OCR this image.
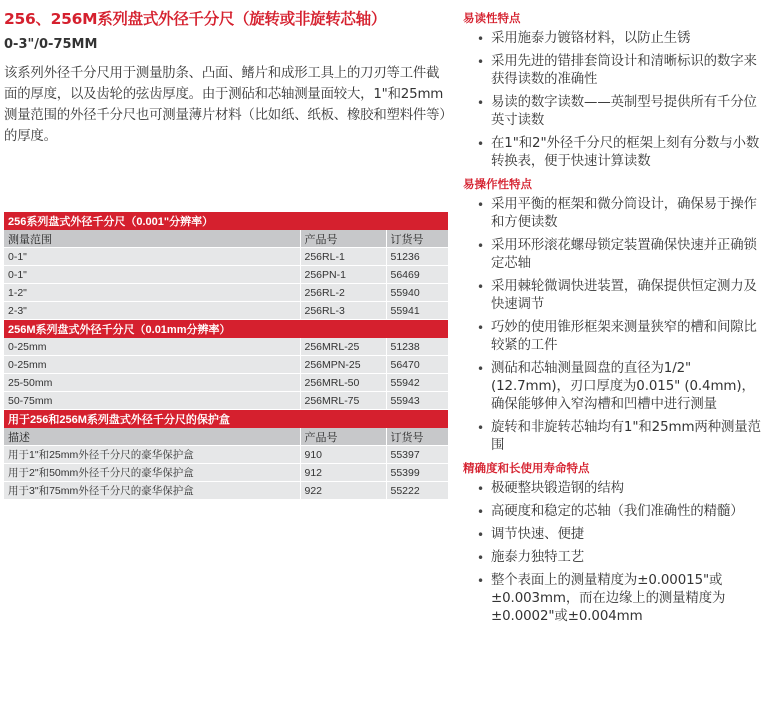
256、256M系列盘式外径千分尺（旋转或非旋转芯轴）
0-3"/0-75MM
该系列外径千分尺用于测量肋条、凸面、鳍片和成形工具上的刀刃等工件截面的厚度，以及齿轮的弦齿厚度。由于测砧和芯轴测量面较大，1"和25mm测量范围的外径千分尺也可测量薄片材料（比如纸、纸板、橡胶和塑料件等）的厚度。
256系列盘式外径千分尺（0.001"分辨率）		
测量范围	产品号	订货号
0-1"	256RL-1	51236
0-1"	256PN-1	56469
1-2"	256RL-2	55940
2-3"	256RL-3	55941
256M系列盘式外径千分尺（0.01mm分辨率）		
0-25mm	256MRL-25	51238
0-25mm	256MPN-25	56470
25-50mm	256MRL-50	55942
50-75mm	256MRL-75	55943
用于256和256M系列盘式外径千分尺的保护盒		
描述	产品号	订货号
用于1"和25mm外径千分尺的豪华保护盒	910	55397
用于2"和50mm外径千分尺的豪华保护盒	912	55399
用于3"和75mm外径千分尺的豪华保护盒	922	55222
易读性特点
• 采用施泰力镀铬材料，以防止生锈
• 采用先进的错排套筒设计和清晰标识的数字来获得读数的准确性
• 易读的数字读数——英制型号提供所有千分位英寸读数
• 在1"和2"外径千分尺的框架上刻有分数与小数转换表，便于快速计算读数
易操作性特点
• 采用平衡的框架和微分筒设计，确保易于操作和方便读数
• 采用环形滚花螺母锁定装置确保快速并正确锁定芯轴
• 采用棘轮微调快进装置，确保提供恒定测力及快速调节
• 巧妙的使用锥形框架来测量狭窄的槽和间隙比较紧的工件
• 测砧和芯轴测量圆盘的直径为1/2"(12.7mm)，刃口厚度为0.015" (0.4mm)，确保能够伸入窄沟槽和凹槽中进行测量
• 旋转和非旋转芯轴均有1"和25mm两种测量范围
精确度和长使用寿命特点
• 极硬整块锻造钢的结构
• 高硬度和稳定的芯轴（我们准确性的精髓）
• 调节快速、便捷
• 施泰力独特工艺
• 整个表面上的测量精度为±0.00015"或±0.003mm，而在边缘上的测量精度为±0.0002"或±0.004mm
